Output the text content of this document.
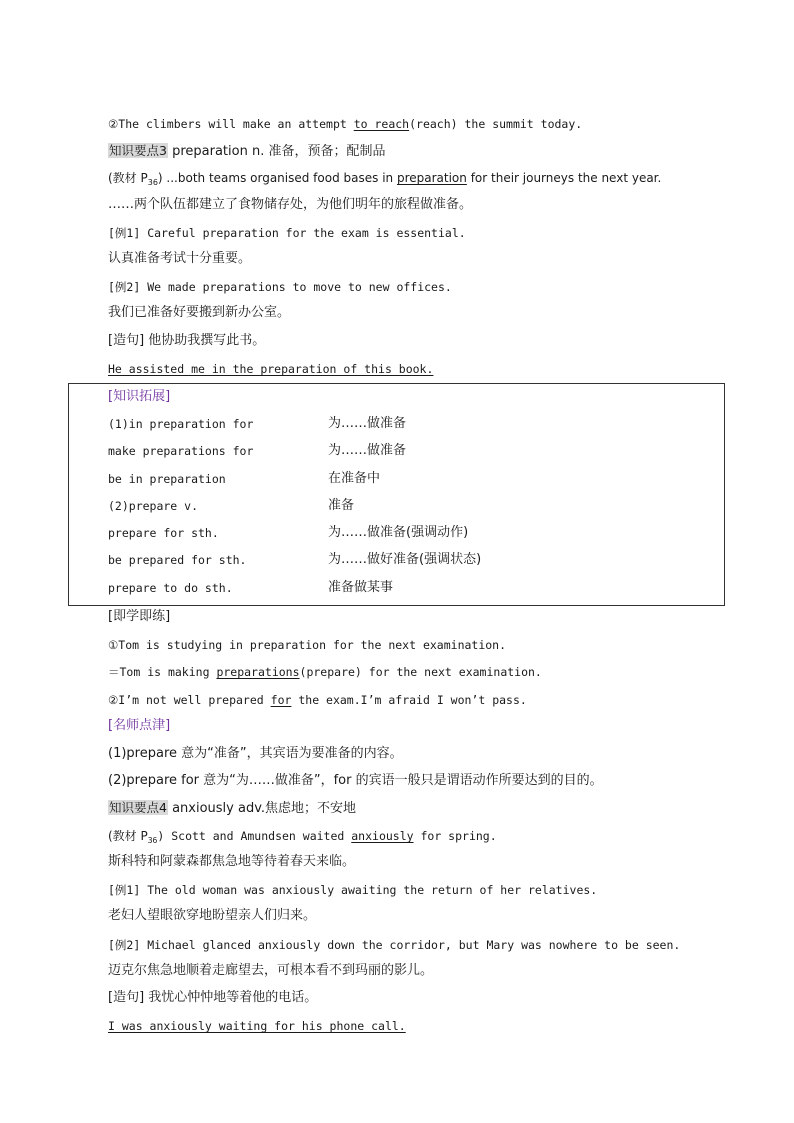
②The climbers will make an attempt to reach(reach) the summit today.
知识要点3 preparation n. 准备，预备；配制品
(教材 $P_{36}$) ...both teams organised food bases in preparation for their journeys the next year.
……两个队伍都建立了食物储存处，为他们明年的旅程做准备。
[例1] Careful preparation for the exam is essential.
认真准备考试十分重要。
[例2] We made preparations to move to new offices.
我们已准备好要搬到新办公室。
[造句] 他协助我撰写此书。
He assisted me in the preparation of this book.
[知识拓展]
(1)in preparation for	为……做准备
make preparations for	为……做准备
be in preparation	在准备中
(2)prepare v.	准备
prepare for sth.	为……做准备(强调动作)
be prepared for sth.	为……做好准备(强调状态)
prepare to do sth.	准备做某事
[即学即练]
①Tom is studying in preparation for the next examination.
＝Tom is making preparations(prepare) for the next examination.
②I’m not well prepared for the exam.I’m afraid I won’t pass.
[名师点津]
(1)prepare 意为“准备”，其宾语为要准备的内容。
(2)prepare for 意为“为……做准备”，for 的宾语一般只是谓语动作所要达到的目的。
知识要点4 anxiously adv.焦虑地；不安地
(教材 $P_{36}$) Scott and Amundsen waited anxiously for spring.
斯科特和阿蒙森都焦急地等待着春天来临。
[例1] The old woman was anxiously awaiting the return of her relatives.
老妇人望眼欲穿地盼望亲人们归来。
[例2] Michael glanced anxiously down the corridor, but Mary was nowhere to be seen.
迈克尔焦急地顺着走廊望去，可根本看不到玛丽的影儿。
[造句] 我忧心忡忡地等着他的电话。
I was anxiously waiting for his phone call.
